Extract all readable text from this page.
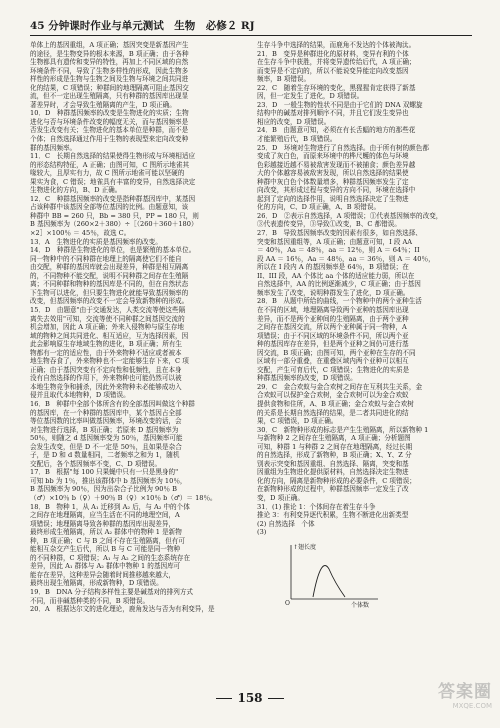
45 分钟课时作业与单元测试　生物　必修２ RJ
单体上的基因重组，A 项正确；基因突变是新基因产生
的途径，是生物变异的根本来源，B 项正确；由于各种
生物都具有遗传和变异的特性，再加上不同区域的自然
环境条件不同，导致了生物多样性的形成，因此生物多
样性的形成是生物与生物之间及生物与环境之间共同进
化的结果，C 项错误；种群间的地理隔离可阻止基因交
流，但不一定出现生殖隔离，只有种群的基因库出现显
著差异时，才会导致生殖隔离的产生，D 项正确。
10．D　种群基因频率的改变是生物进化的实质；生物
进化与否与环境条件改变的幅度无关，而与基因频率是
否发生改变有关；生物进化的基本单位是种群，而不是
个体；自然选择通过作用于生物的表现型来定向改变种
群的基因频率。
11．C　长期自然选择的结果使得生物形成与环境相适应
的形态结构特征，A 正确；由图可知，C 图所示地雀其
喙较大，且厚实有力，故 C 图所示地雀可能以坚硬的
果实为食，C 错误；地雀具有丰富的变异，自然选择决定
生物进化的方向，B、D 正确。
12．C　种群基因频率的改变是指种群基因库中，某基因
占该种群中该基因全部等位基因的比例。由题意知，该
种群中 BB = 260 只，Bb = 380 只，PP = 180 只，则
B 基因频率为（260×2＋380）÷［（260＋360＋180）
×2］×100％ ＝ 45％，故选 C。
13．A　生物进化的实质是基因频率的改变。
14．D　种群是生物进化的单位，也是繁殖的基本单位。
同一物种中的不同种群在地理上的隔离使它们不能自
由交配，种群的基因库就会出现差异，种群是相互隔离
的，不同物种不能交配，说明不同种群之间存在生殖隔
离；不同种群和物种的基因库是不同的，但在自然状态
下生物可以进化，但只要生物进化就能导致基因频率的
改变，但基因频率的改变不一定会导致新物种的形成。
15．D　由题意"由于交通发达，人类交流等使这些隔
离失去效用"可知，交流等使不同种群之间基因交流的
机会增加，因此 A 项正确；外来入侵物种与原生存地
域的物种之间共同进化、相互适应，互为选择因素，因
此会影响原生存地域生物的进化，B 项正确；所有生
物都有一定的适应性，由于外来物种不适应或者被本
地生物吞食了，外来物种也不一定能够生存下来，C 项
正确；由于基因突变有不定向性和低频性，且在本身
没有自然选择的作用下，外来物种也可能仍然可以被
本地生物竞争和捕杀，因此外来物种未必能够成功入
侵并且取代本地物种，D 项错误。
16．B　种群中全部个体所含有的全部基因叫做这个种群
的基因库，在一个种群的基因库中，某个基因占全部
等位基因数的比率叫做基因频率，环境改变的话，会
对生物进行选择，B 项正确；若原来 D 基因频率为
50％，则随之 d 基因频率变为 50％，基因频率可能
会发生改变，但是 D 不一定是 50％，且如果是杂合
子，是 D 和 d 数量相同，二者频率之和为 1，随机
交配后，各个基因频率不变，C、D 项错误。
17．B　根据"每 100 只果蝇中只有一只是黑身的"
可知 bb 为 1％，推出该群体中 b 基因频率为 10％，
B 基因频率为 90％，因为出杂合子比例为 90％ B
（♂）×10％ b（♀）＋90％ B（♀）×10％ b（♂）＝ 18％。
18．B　物种 1，从 A₁ 迁移到 A₂ 后，与 A₂ 中的个体
之间存在地理隔离，应当生活在不同的地理空间，A
项错误；地理隔离导致各种群的基因库出现差异，
最终形成生殖隔离，所以 A₂ 群体中的物种 1 是新物
种，B 项正确；C 与 B 之间不存在生殖隔离，但有可
能相互杂交产生后代，所以 B 与 C 可能是同一物种
的不同种群，C 项错误；A₁ 与 A₂ 之间的生态系统存在
差异，因此 A₁ 群体与 A₂ 群体中物种 1 的基因库可
能存在差异，这种差异会随着时间推移越来越大，
最终出现生殖隔离，形成新物种，D 项错误。
19．B　DNA 分子结构多样性主要是碱基对的排列方式
不同，而非碱基种类的不同，B 项错误。
20．A　根据达尔文的进化理论，鹿角发达与否为有利变异，是
生存斗争中选择的结果，而鹿角不发达的个体被淘汰。
21．B　变异是种群进化的原材料，变异有利的个体
在生存斗争中获胜，并将变异遗传给后代，A 项正确；
而变异是不定向的，所以不能说变异能定向改变基因
频率，B 项错误。
22．C　随着生存环境的变化，黑猩猩肯定获得了新基
因，但一定发生了进化，D 项错误。
23．D　一般生物的性状不同是由于它们的 DNA 双螺旋
结构中的碱基对排列顺序不同，并且它们发生变异也
相应的改变，D 项错误。
24．B　由题意可知，必须在有长舌蝠的地方的那些花
才能繁殖后代，B 项错误。
25．D　环境对生物进行了自然选择。由于所有树的颜色都
变成了灰白色，而原来环境中的桦尺蠖的体色与环境
色彩越接近越不易被敌害发现而不被捕食；颜色差异越
大的个体越容易被敌害发现，所以自然选择的结果使
种群中灰白色个体数量增多，种群基因频率发生了定
向改变，其形成过程与变异的方向不同，环境在选择中
起到了定向的选择作用，说明自然选择决定了生物进
化的方向，C、D 项正确，A、B 项错误。
26．D　②表示自然选择，A 项错误；①代表基因频率的改变，
③代表遗传变异，③导致①改变，B、C 都错误。
27．B　导致基因频率改变的因素有很多，如自然选择、
突变和基因重组等，A 项正确；由题意可知，I 段 AA
＝ 40％，Aa ＝ 48％，aa ＝ 12％，则 A ＝ 64％；II
段 AA ＝ 16％，Aa ＝ 48％，aa ＝ 36％，则 A ＝ 40％，
所以在 I 段内 A 的基因频率是 64％，B 项错误；在
II、III 段，AA 个体比 aa 个体的适应能力弱，所以在
自然选择中，AA 的比例逐渐减少，C 项正确；由于基因
频率发生了改变，说明种群发生了进化，D 项正确。
28．B　从题中所给的曲线，一个物种中的两个亚种生活
在不同的区域，地理隔离导致两个亚种的基因库出现
差异，而不是两个亚种间的生殖隔离，由于两个亚种
之间存在基因交流，所以两个亚种属于同一物种，A
项错误；由于不同区域的环境条件不同，所以两个亚
种的基因库存在差异，但是两个亚种之间仍可进行基
因交流，B 项正确；由图可知，两个亚种在生存的不同
区域有一部分重叠，在重叠区域内两个亚种可以相互
交配，产生可育后代，C 项错误；生物进化的实质是
种群基因频率的改变，D 项错误。
29．C　金合欢蚁与金合欢树之间存在互利共生关系，金
合欢蚁可以保护金合欢树，金合欢树可以为金合欢蚁
提供食物和住所，A、B 项正确；金合欢蚁与金合欢树
的关系是长期自然选择的结果，是二者共同进化的结
果，C 项错误，D 项正确。
30．C　新物种形成的标志是产生生殖隔离，所以新物种 1
与新物种 2 之间存在生殖隔离，A 项正确；分析题图
可知，种群 1 与种群 2 之间存在地理隔离，经过长期
的自然选择，形成了新物种，B 项正确；X、Y、Z 分
别表示突变和基因重组、自然选择、隔离，突变和基
因重组为生物进化提供原材料，自然选择决定生物进
化的方向，隔离是新物种形成的必要条件，C 项错误；
在新物种形成的过程中，种群基因频率一定发生了改
变，D 项正确。
31．(1) 推论 1：个体间存在着生存斗争
推论 3：有利变异逐代积累，生物不断进化出新类型
(2) 自然选择　个体
(3)
↑翅长度
个体数
O
158	答案圈
MXQE.COM
